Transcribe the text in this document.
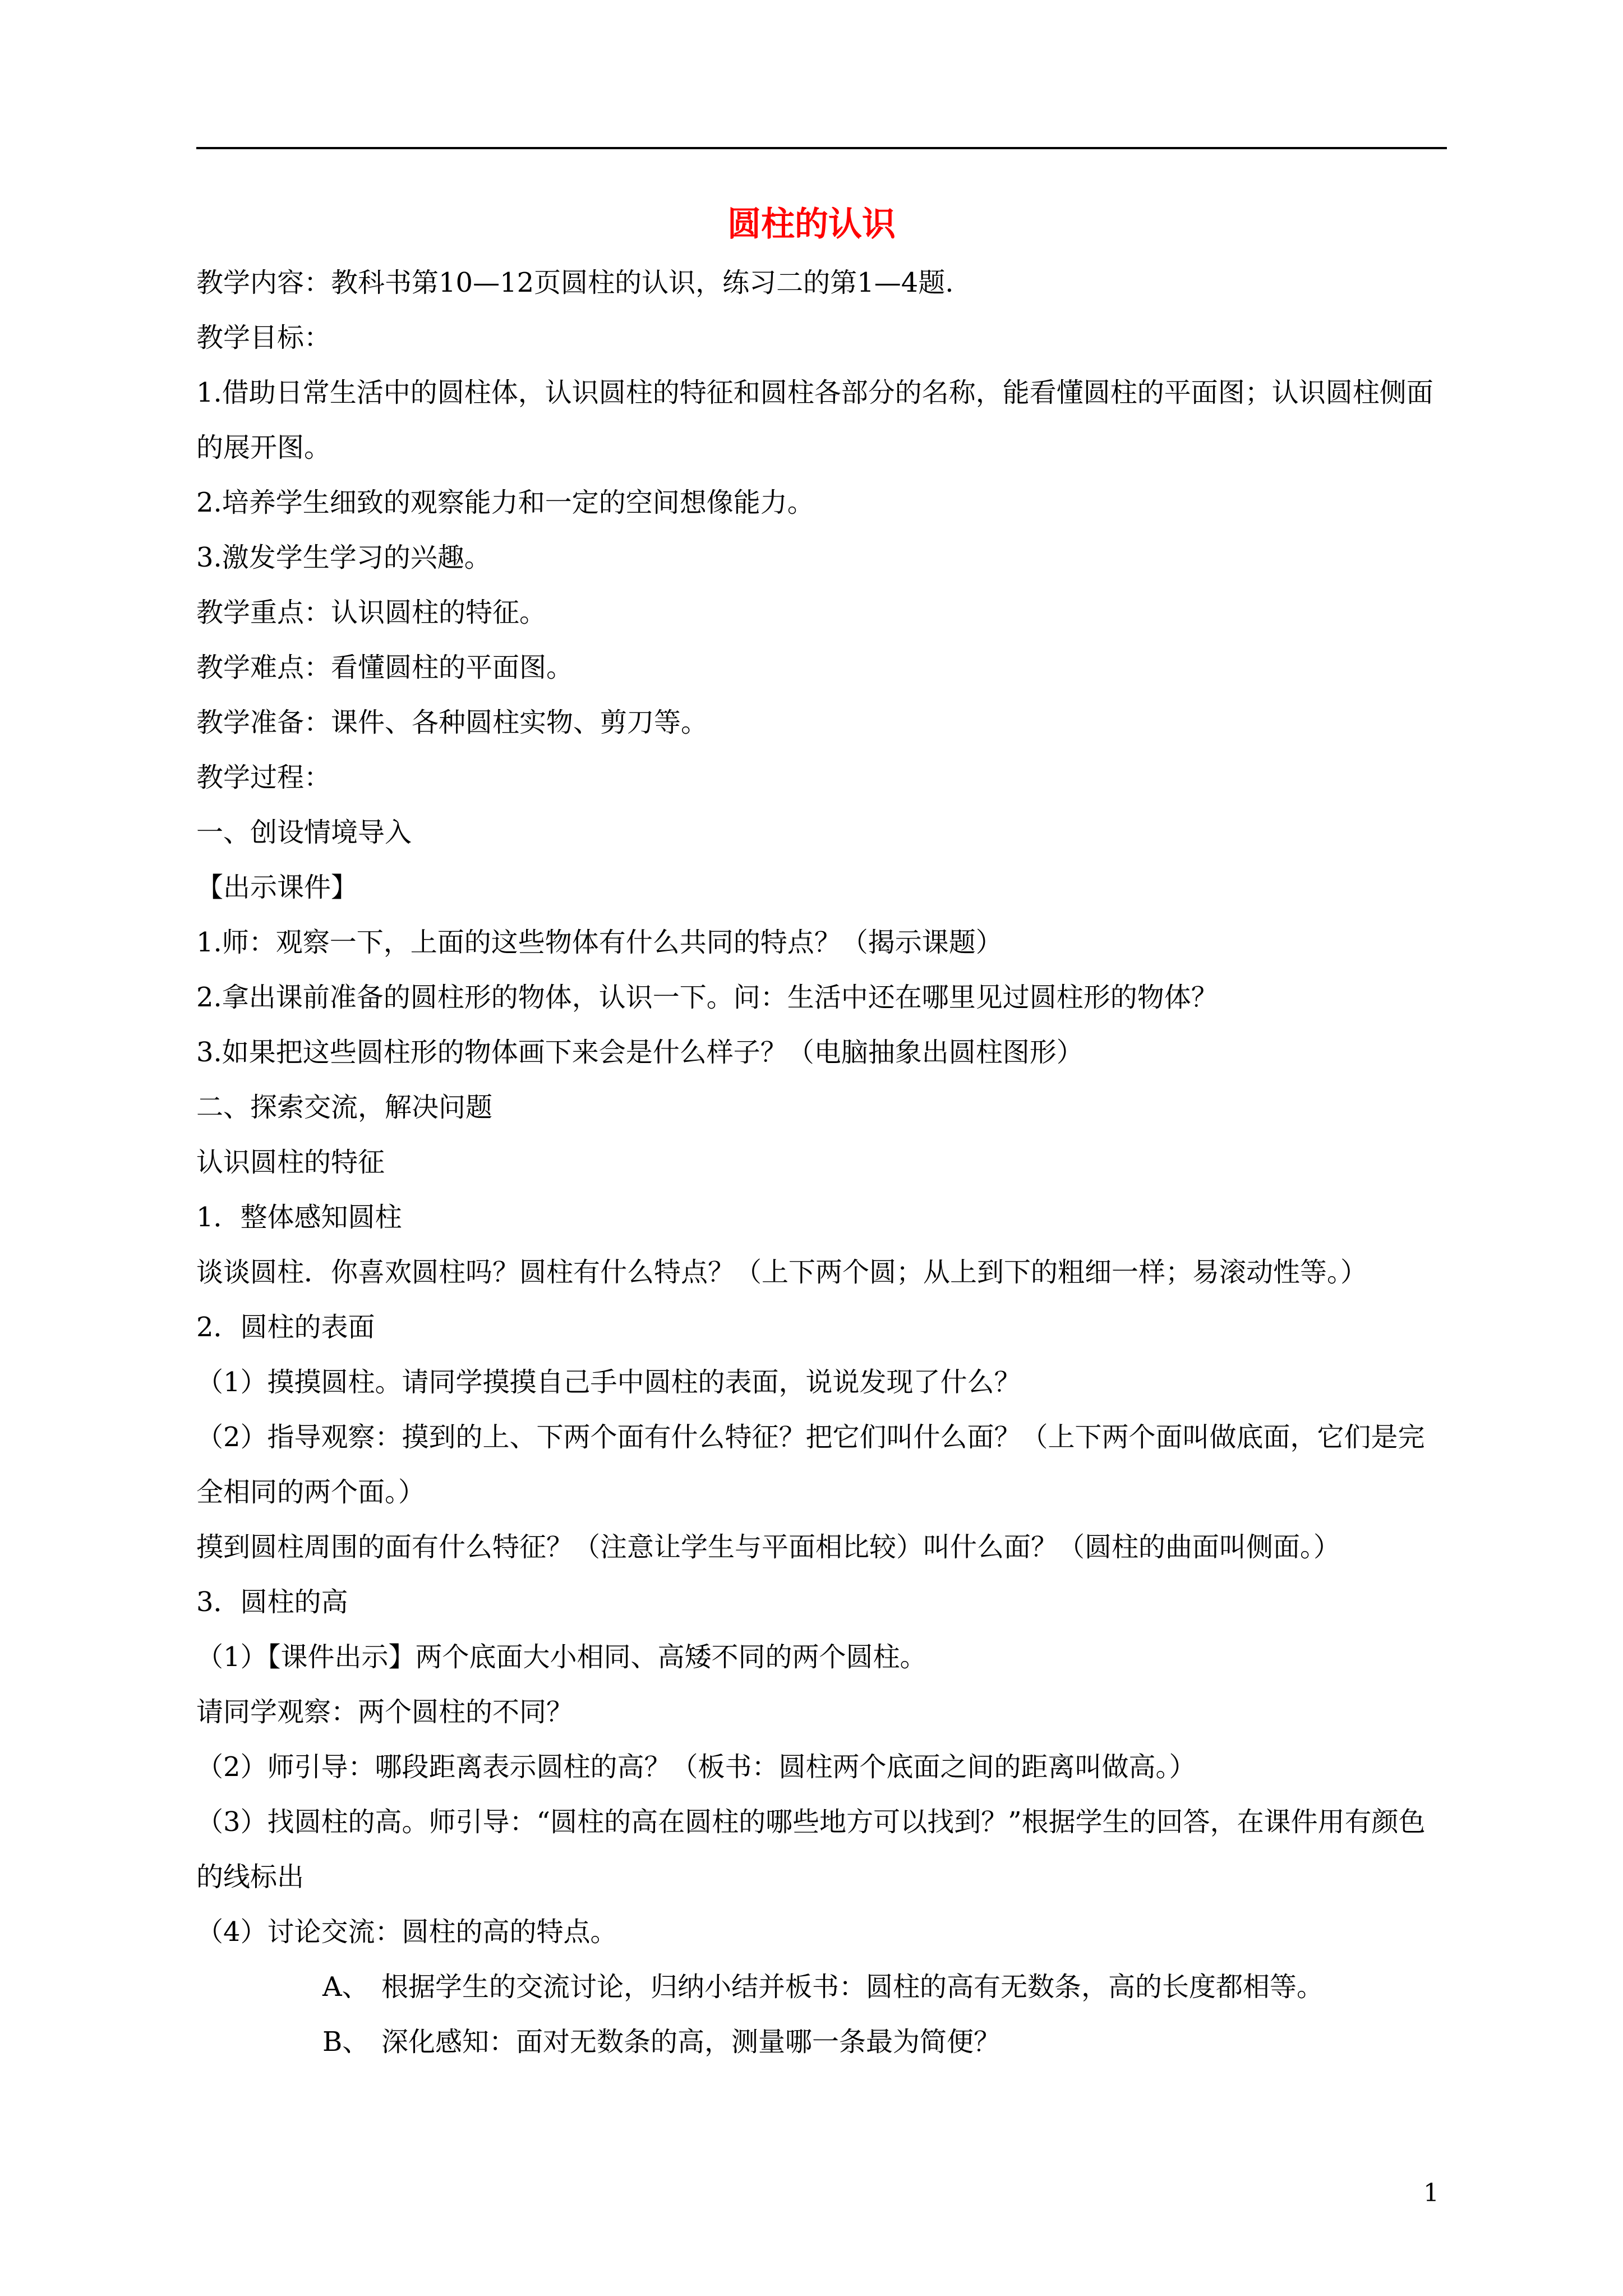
圆柱的认识

教学内容：教科书第10—12页圆柱的认识，练习二的第1—4题.

教学目标：

1.借助日常生活中的圆柱体，认识圆柱的特征和圆柱各部分的名称，能看懂圆柱的平面图；认识圆柱侧面的展开图。

2.培养学生细致的观察能力和一定的空间想像能力。

3.激发学生学习的兴趣。

教学重点：认识圆柱的特征。

教学难点：看懂圆柱的平面图。

教学准备：课件、各种圆柱实物、剪刀等。

教学过程：

一、创设情境导入

【出示课件】

1.师：观察一下，上面的这些物体有什么共同的特点？（揭示课题）

2.拿出课前准备的圆柱形的物体，认识一下。问：生活中还在哪里见过圆柱形的物体？

3.如果把这些圆柱形的物体画下来会是什么样子？（电脑抽象出圆柱图形）

二、探索交流，解决问题

认识圆柱的特征

1．整体感知圆柱

谈谈圆柱．你喜欢圆柱吗？圆柱有什么特点？（上下两个圆；从上到下的粗细一样；易滚动性等。）

2．圆柱的表面

（1）摸摸圆柱。请同学摸摸自己手中圆柱的表面，说说发现了什么？

（2）指导观察：摸到的上、下两个面有什么特征？把它们叫什么面？（上下两个面叫做底面，它们是完全相同的两个面。）

摸到圆柱周围的面有什么特征？（注意让学生与平面相比较）叫什么面？（圆柱的曲面叫侧面。）

3．圆柱的高

（1）【课件出示】两个底面大小相同、高矮不同的两个圆柱。

请同学观察：两个圆柱的不同？

（2）师引导：哪段距离表示圆柱的高？（板书：圆柱两个底面之间的距离叫做高。）

（3）找圆柱的高。师引导：“圆柱的高在圆柱的哪些地方可以找到？”根据学生的回答，在课件用有颜色的线标出

（4）讨论交流：圆柱的高的特点。

A、 根据学生的交流讨论，归纳小结并板书：圆柱的高有无数条，高的长度都相等。

B、 深化感知：面对无数条的高，测量哪一条最为简便？

1
